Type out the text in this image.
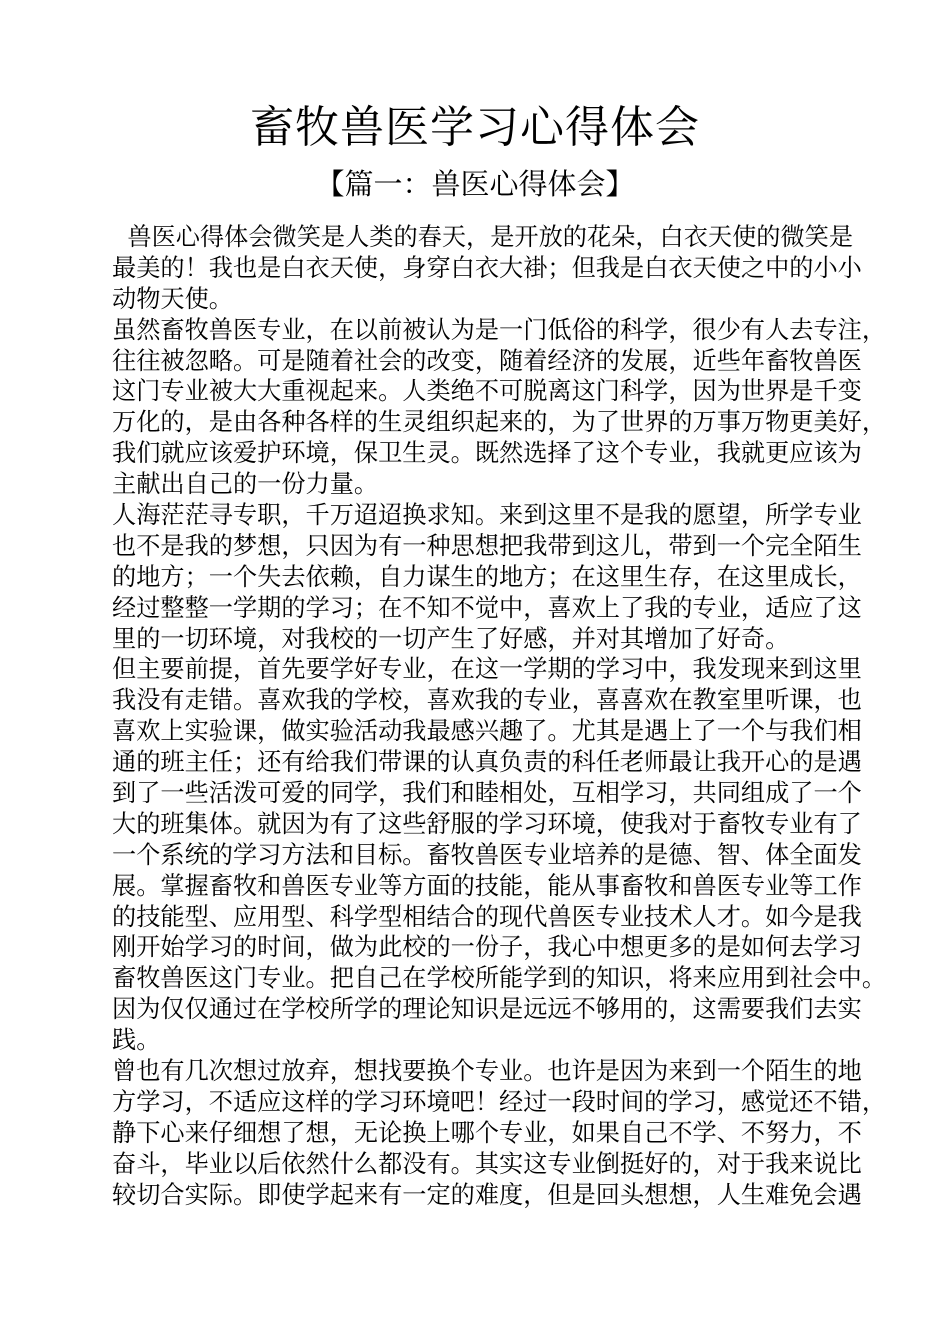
畜牧兽医学习心得体会
【篇一：兽医心得体会】

兽医心得体会微笑是人类的春天，是开放的花朵，白衣天使的微笑是
最美的！我也是白衣天使，身穿白衣大褂；但我是白衣天使之中的小小
动物天使。

虽然畜牧兽医专业，在以前被认为是一门低俗的科学，很少有人去专注，
往往被忽略。可是随着社会的改变，随着经济的发展，近些年畜牧兽医
这门专业被大大重视起来。人类绝不可脱离这门科学，因为世界是千变
万化的，是由各种各样的生灵组织起来的，为了世界的万事万物更美好，
我们就应该爱护环境，保卫生灵。既然选择了这个专业，我就更应该为
主献出自己的一份力量。

人海茫茫寻专职，千万迢迢换求知。来到这里不是我的愿望，所学专业
也不是我的梦想，只因为有一种思想把我带到这儿，带到一个完全陌生
的地方；一个失去依赖，自力谋生的地方；在这里生存，在这里成长，
经过整整一学期的学习；在不知不觉中，喜欢上了我的专业，适应了这
里的一切环境，对我校的一切产生了好感，并对其增加了好奇。

但主要前提，首先要学好专业，在这一学期的学习中，我发现来到这里
我没有走错。喜欢我的学校，喜欢我的专业，喜喜欢在教室里听课，也
喜欢上实验课，做实验活动我最感兴趣了。尤其是遇上了一个与我们相
通的班主任；还有给我们带课的认真负责的科任老师最让我开心的是遇
到了一些活泼可爱的同学，我们和睦相处，互相学习，共同组成了一个
大的班集体。就因为有了这些舒服的学习环境，使我对于畜牧专业有了
一个系统的学习方法和目标。畜牧兽医专业培养的是德、智、体全面发
展。掌握畜牧和兽医专业等方面的技能，能从事畜牧和兽医专业等工作
的技能型、应用型、科学型相结合的现代兽医专业技术人才。如今是我
刚开始学习的时间，做为此校的一份子，我心中想更多的是如何去学习
畜牧兽医这门专业。把自己在学校所能学到的知识，将来应用到社会中。
因为仅仅通过在学校所学的理论知识是远远不够用的，这需要我们去实
践。

曾也有几次想过放弃，想找要换个专业。也许是因为来到一个陌生的地
方学习，不适应这样的学习环境吧！经过一段时间的学习，感觉还不错，
静下心来仔细想了想，无论换上哪个专业，如果自己不学、不努力，不
奋斗，毕业以后依然什么都没有。其实这专业倒挺好的，对于我来说比
较切合实际。即使学起来有一定的难度，但是回头想想，人生难免会遇
